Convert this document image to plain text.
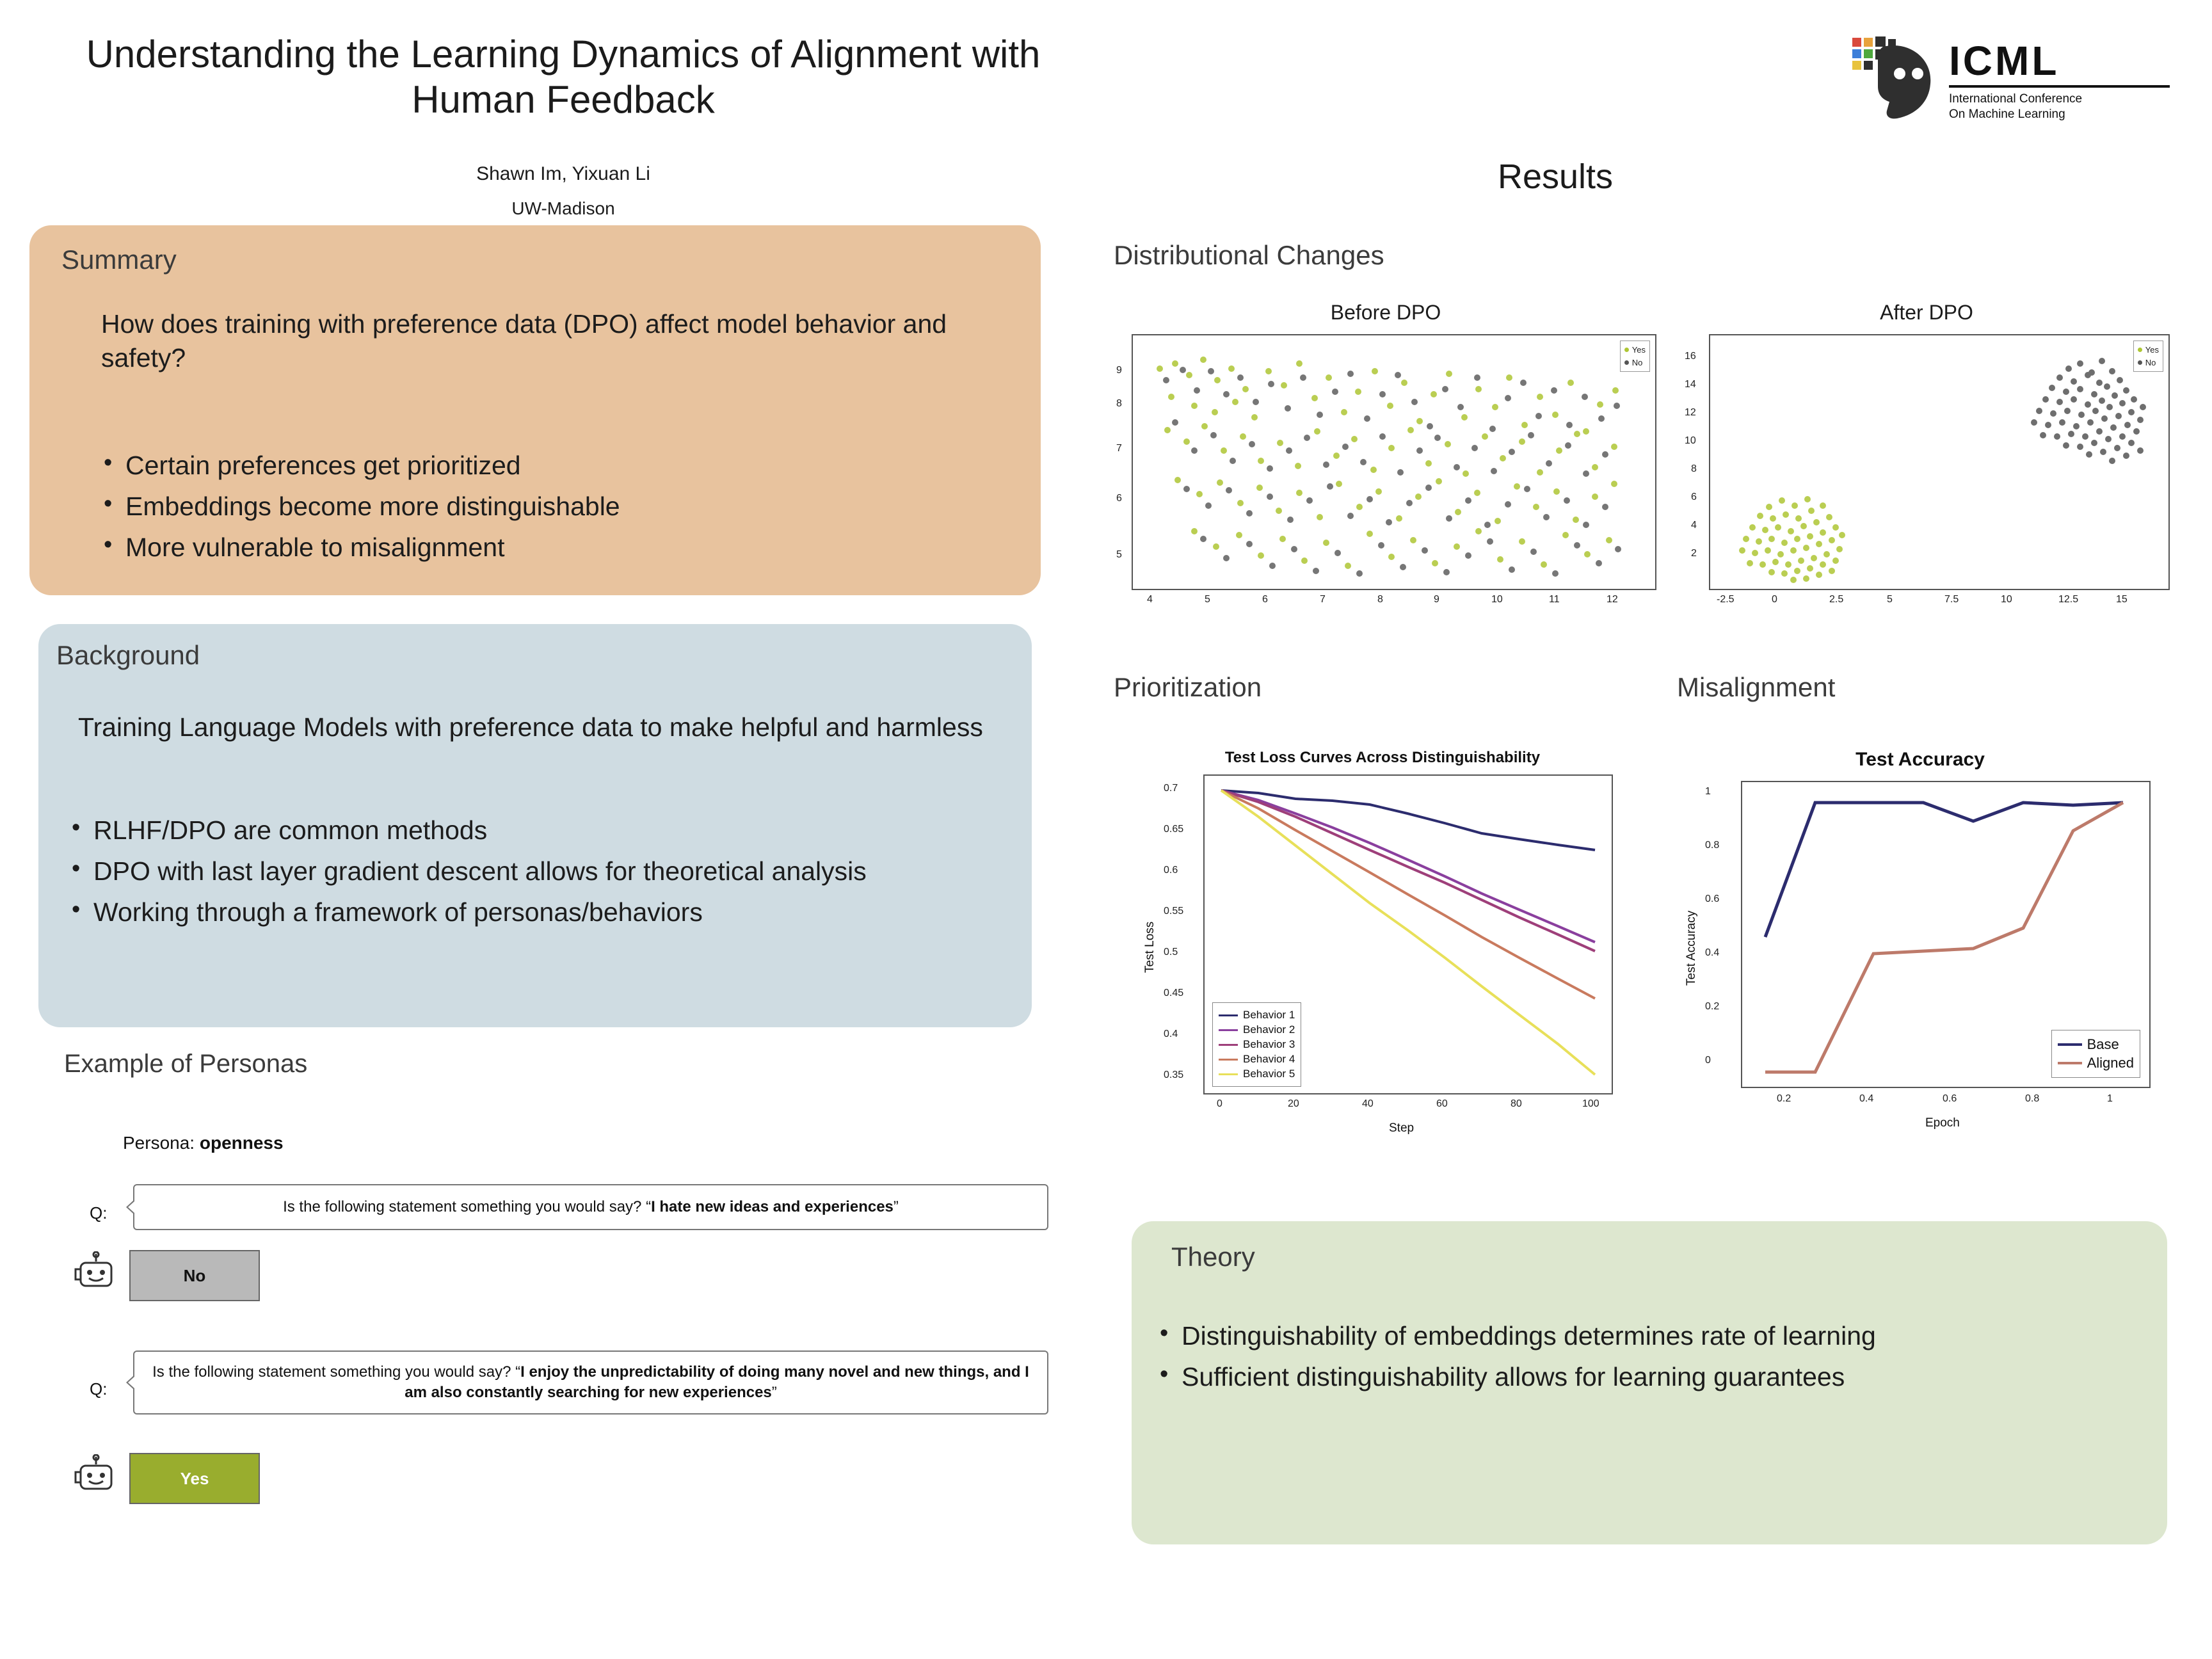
Understanding the Learning Dynamics of Alignment with Human Feedback
Shawn Im, Yixuan Li
UW-Madison
ICML
International Conference
On Machine Learning
Summary
How does training with preference data (DPO) affect model behavior and safety?
• Certain preferences get prioritized
• Embeddings become more distinguishable
• More vulnerable to misalignment
Background
Training Language Models with preference data to make helpful and harmless
• RLHF/DPO are common methods
• DPO with last layer gradient descent allows for theoretical analysis
• Working through a framework of personas/behaviors
Example of Personas
Persona: openness
Q:	Is the following statement something you would say? “I hate new ideas and experiences”
No
Q:
Is the following statement something you would say? “I enjoy the unpredictability of doing many novel and new things, and I am also constantly searching for new experiences”
Yes
Results
Distributional Changes
Prioritization	Misalignment
Before DPO
Yes
No
9
8
7
6
5
4	5	6	7	8	9	10	11	12
After DPO
Yes
No
16
14
12
10
8
6
4
2
-2.5	0	2.5	5	7.5	10	12.5	15
Test Loss Curves Across Distinguishability
Behavior 1
Behavior 2
Behavior 3
Behavior 4
Behavior 5
0.7
0.65
0.6
0.55
0.5
0.45
0.4
0.35
0	20	40	60	80	100
Step
Test Loss
Test Accuracy
Base
Aligned
1
0.8
0.6
0.4
0.2
0
0.2	0.4	0.6	0.8	1
Epoch
Test Accuracy
Theory
• Distinguishability of embeddings determines rate of learning
• Sufficient distinguishability allows for learning guarantees
